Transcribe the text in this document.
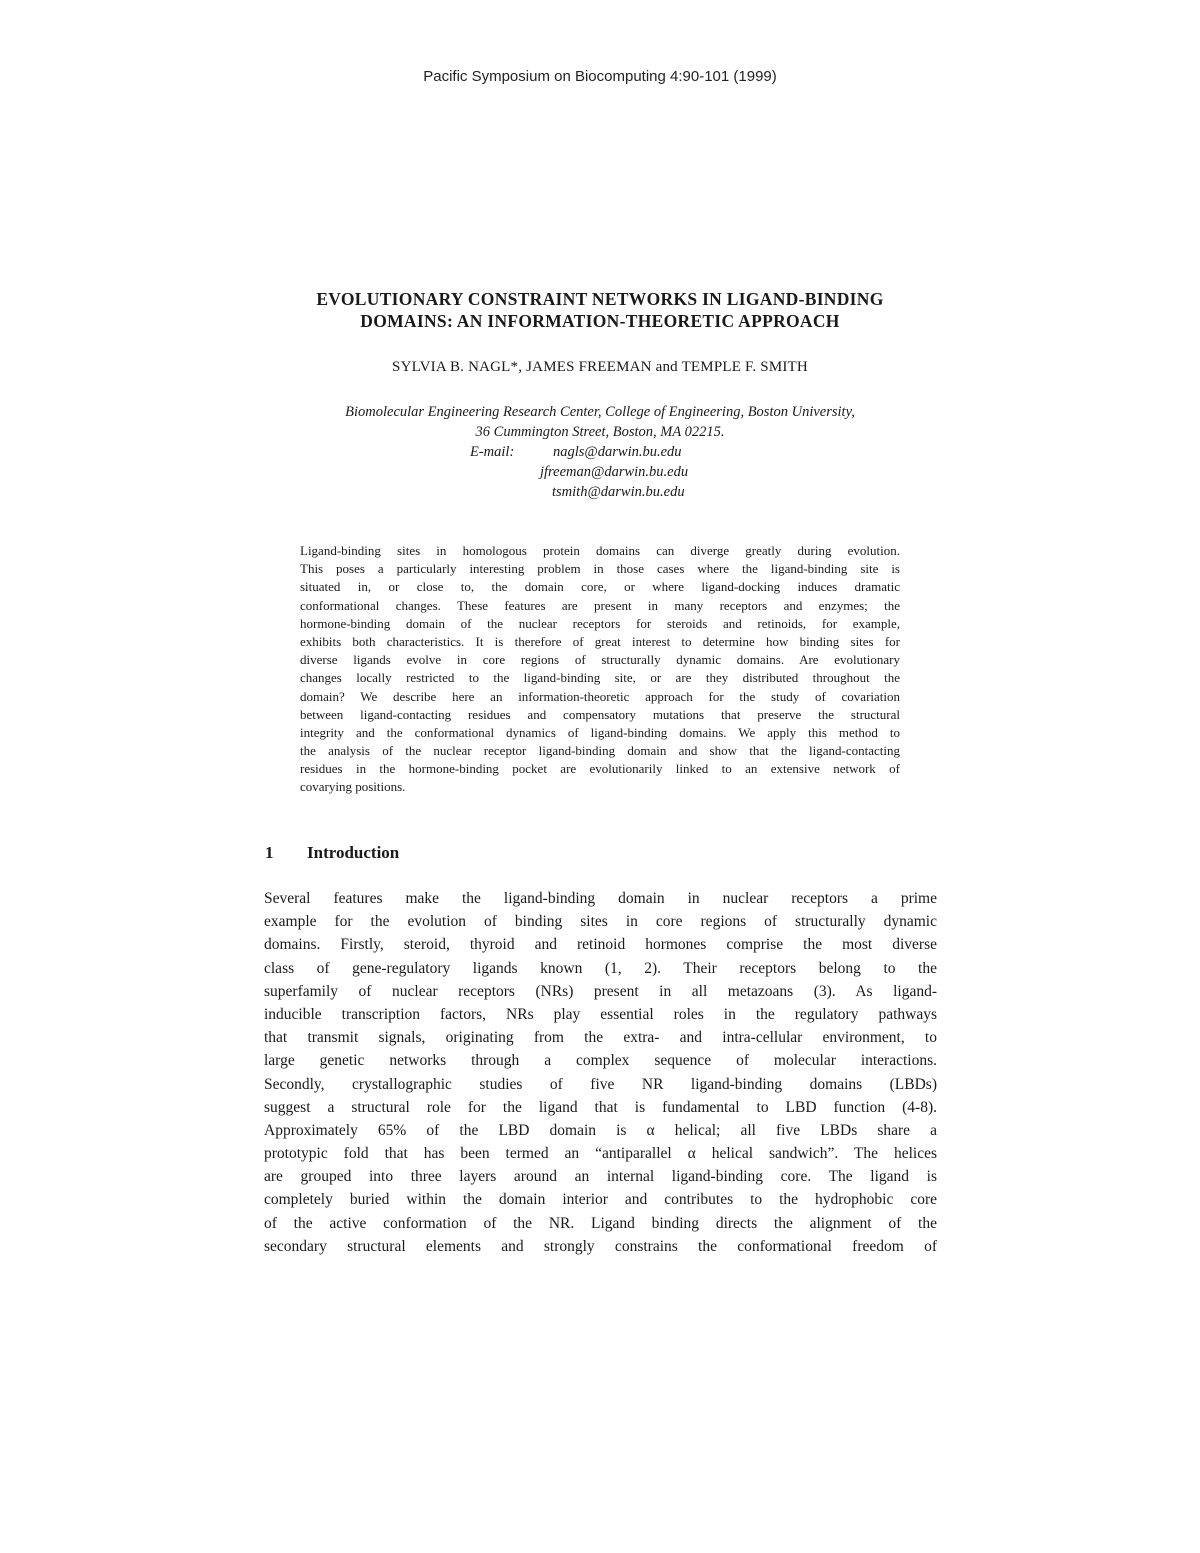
Pacific Symposium on Biocomputing 4:90-101 (1999)
EVOLUTIONARY CONSTRAINT NETWORKS IN LIGAND-BINDING
DOMAINS: AN INFORMATION-THEORETIC APPROACH
SYLVIA B. NAGL*, JAMES FREEMAN and TEMPLE F. SMITH
Biomolecular Engineering Research Center, College of Engineering, Boston University,
36 Cummington Street, Boston, MA 02215.
E-mail:	nagls@darwin.bu.edu
jfreeman@darwin.bu.edu
tsmith@darwin.bu.edu
Ligand-binding sites in homologous protein domains can diverge greatly during evolution.
This poses a particularly interesting problem in those cases where the ligand-binding site is
situated in, or close to, the domain core, or where ligand-docking induces dramatic
conformational changes. These features are present in many receptors and enzymes; the
hormone-binding domain of the nuclear receptors for steroids and retinoids, for example,
exhibits both characteristics. It is therefore of great interest to determine how binding sites for
diverse ligands evolve in core regions of structurally dynamic domains. Are evolutionary
changes locally restricted to the ligand-binding site, or are they distributed throughout the
domain? We describe here an information-theoretic approach for the study of covariation
between ligand-contacting residues and compensatory mutations that preserve the structural
integrity and the conformational dynamics of ligand-binding domains. We apply this method to
the analysis of the nuclear receptor ligand-binding domain and show that the ligand-contacting
residues in the hormone-binding pocket are evolutionarily linked to an extensive network of
covarying positions.
1 Introduction
Several features make the ligand-binding domain in nuclear receptors a prime
example for the evolution of binding sites in core regions of structurally dynamic
domains. Firstly, steroid, thyroid and retinoid hormones comprise the most diverse
class of gene-regulatory ligands known (1, 2). Their receptors belong to the
superfamily of nuclear receptors (NRs) present in all metazoans (3). As ligand-
inducible transcription factors, NRs play essential roles in the regulatory pathways
that transmit signals, originating from the extra- and intra-cellular environment, to
large genetic networks through a complex sequence of molecular interactions.
Secondly, crystallographic studies of five NR ligand-binding domains (LBDs)
suggest a structural role for the ligand that is fundamental to LBD function (4-8).
Approximately 65% of the LBD domain is α helical; all five LBDs share a
prototypic fold that has been termed an “antiparallel α helical sandwich”. The helices
are grouped into three layers around an internal ligand-binding core. The ligand is
completely buried within the domain interior and contributes to the hydrophobic core
of the active conformation of the NR. Ligand binding directs the alignment of the
secondary structural elements and strongly constrains the conformational freedom of
